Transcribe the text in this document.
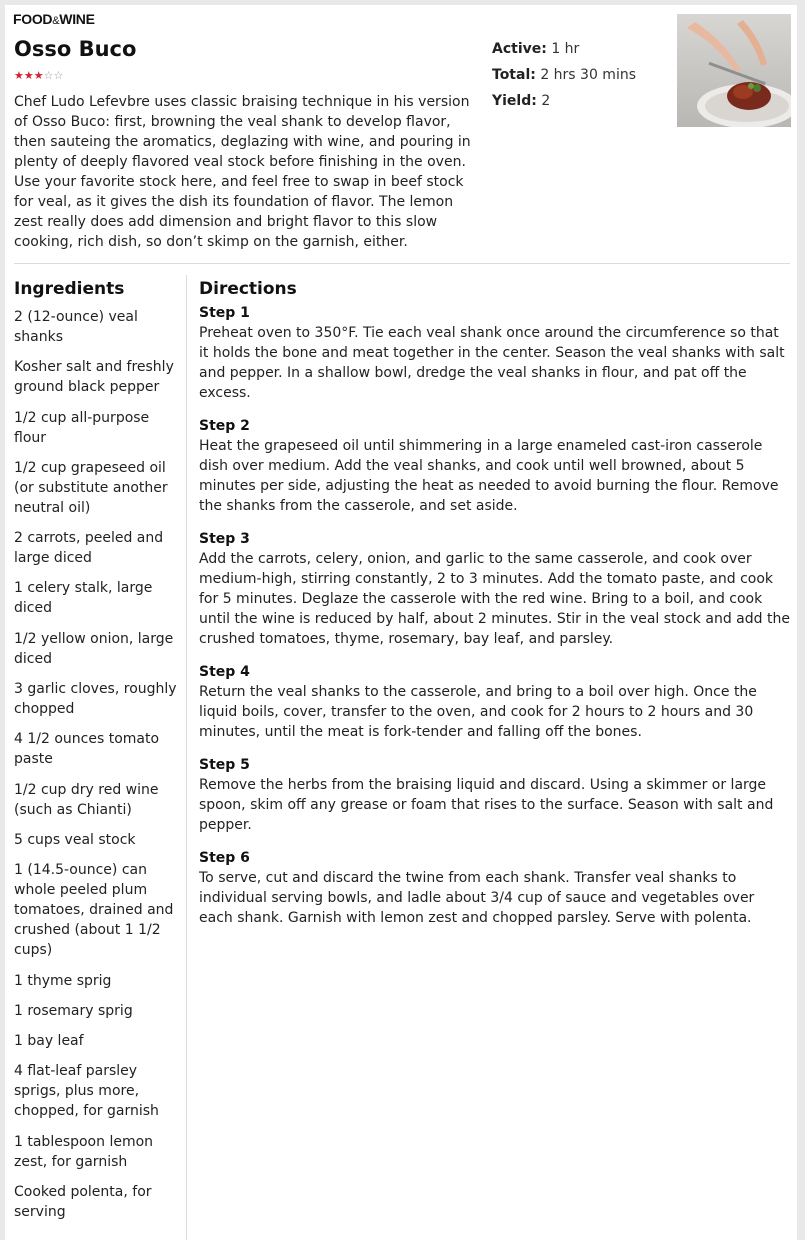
FOOD&WINE
Osso Buco
★★★☆☆

Chef Ludo Lefevbre uses classic braising technique in his version of Osso Buco: first, browning the veal shank to develop flavor, then sauteing the aromatics, deglazing with wine, and pouring in plenty of deeply flavored veal stock before finishing in the oven. Use your favorite stock here, and feel free to swap in beef stock for veal, as it gives the dish its foundation of flavor. The lemon zest really does add dimension and bright flavor to this slow cooking, rich dish, so don’t skimp on the garnish, either.

Active: 1 hr
Total: 2 hrs 30 mins
Yield: 2
Ingredients
2 (12-ounce) veal shanks
Kosher salt and freshly ground black pepper
1/2 cup all-purpose flour
1/2 cup grapeseed oil (or substitute another neutral oil)
2 carrots, peeled and large diced
1 celery stalk, large diced
1/2 yellow onion, large diced
3 garlic cloves, roughly chopped
4 1/2 ounces tomato paste
1/2 cup dry red wine (such as Chianti)
5 cups veal stock
1 (14.5-ounce) can whole peeled plum tomatoes, drained and crushed (about 1 1/2 cups)
1 thyme sprig
1 rosemary sprig
1 bay leaf
4 flat-leaf parsley sprigs, plus more, chopped, for garnish
1 tablespoon lemon zest, for garnish
Cooked polenta, for serving
Directions
Step 1

Preheat oven to 350°F. Tie each veal shank once around the circumference so that it holds the bone and meat together in the center. Season the veal shanks with salt and pepper. In a shallow bowl, dredge the veal shanks in flour, and pat off the excess.

Step 2

Heat the grapeseed oil until shimmering in a large enameled cast-iron casserole dish over medium. Add the veal shanks, and cook until well browned, about 5 minutes per side, adjusting the heat as needed to avoid burning the flour. Remove the shanks from the casserole, and set aside.

Step 3

Add the carrots, celery, onion, and garlic to the same casserole, and cook over medium-high, stirring constantly, 2 to 3 minutes. Add the tomato paste, and cook for 5 minutes. Deglaze the casserole with the red wine. Bring to a boil, and cook until the wine is reduced by half, about 2 minutes. Stir in the veal stock and add the crushed tomatoes, thyme, rosemary, bay leaf, and parsley.

Step 4

Return the veal shanks to the casserole, and bring to a boil over high. Once the liquid boils, cover, transfer to the oven, and cook for 2 hours to 2 hours and 30 minutes, until the meat is fork-tender and falling off the bones.

Step 5

Remove the herbs from the braising liquid and discard. Using a skimmer or large spoon, skim off any grease or foam that rises to the surface. Season with salt and pepper.

Step 6

To serve, cut and discard the twine from each shank. Transfer veal shanks to individual serving bowls, and ladle about 3/4 cup of sauce and vegetables over each shank. Garnish with lemon zest and chopped parsley. Serve with polenta.
